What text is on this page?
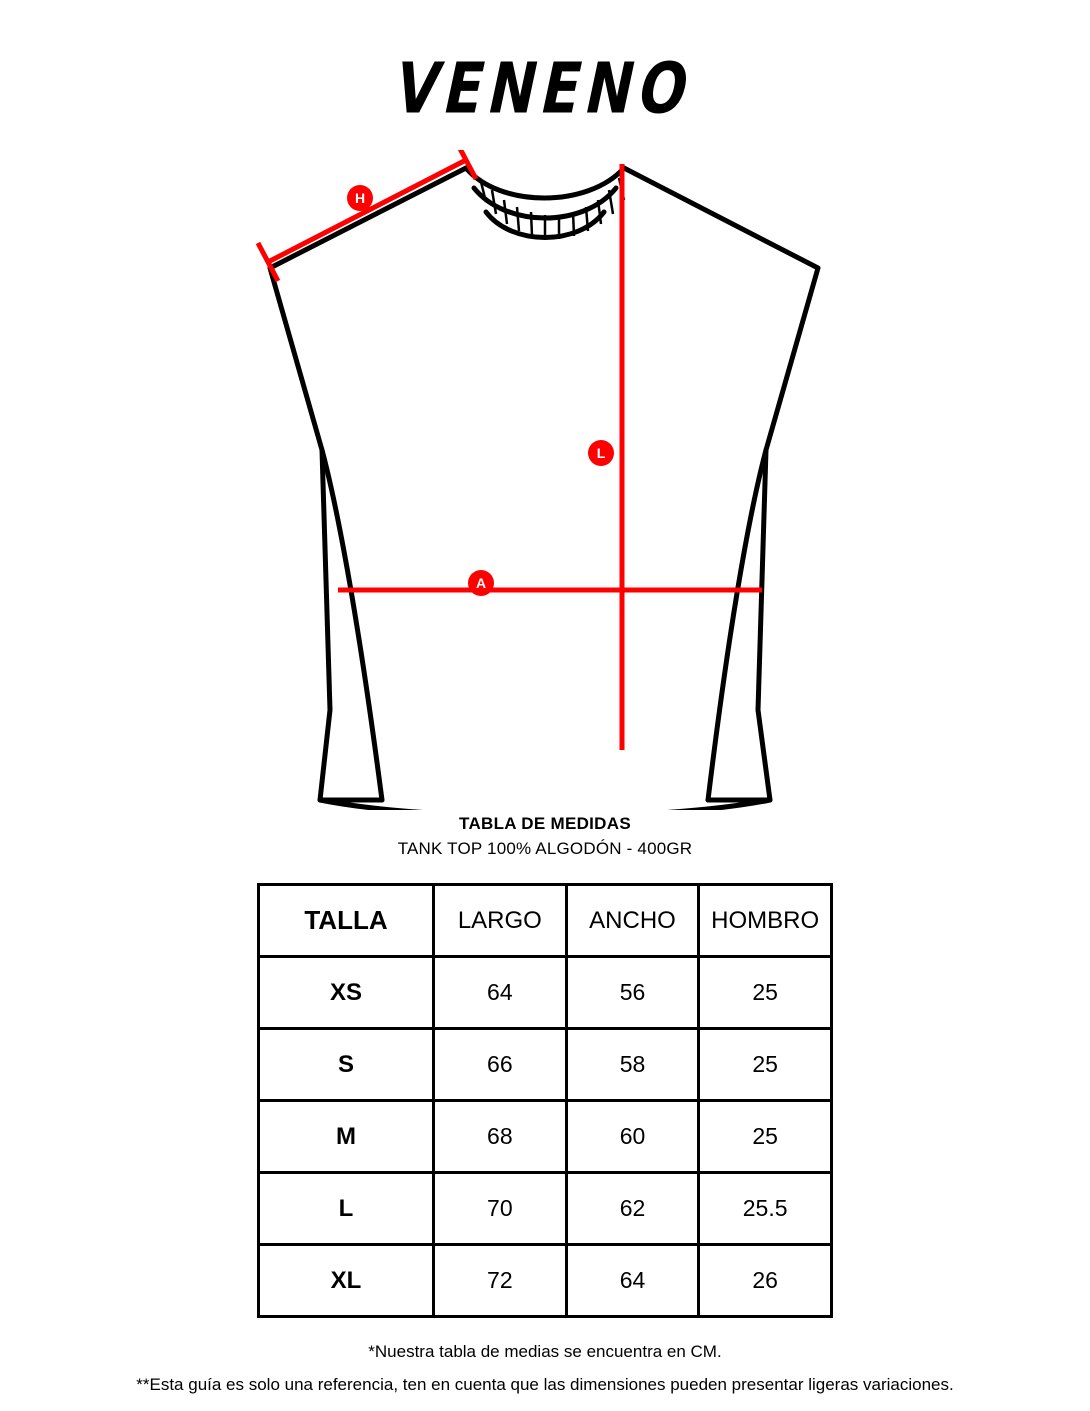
VENENO
H
L
A
TABLA DE MEDIDAS
TANK TOP 100% ALGODÓN - 400GR
TALLA	LARGO	ANCHO	HOMBRO
XS	64	56	25
S	66	58	25
M	68	60	25
L	70	62	25.5
XL	72	64	26
*Nuestra tabla de medias se encuentra en CM.
**Esta guía es solo una referencia, ten en cuenta que las dimensiones pueden presentar ligeras variaciones.
